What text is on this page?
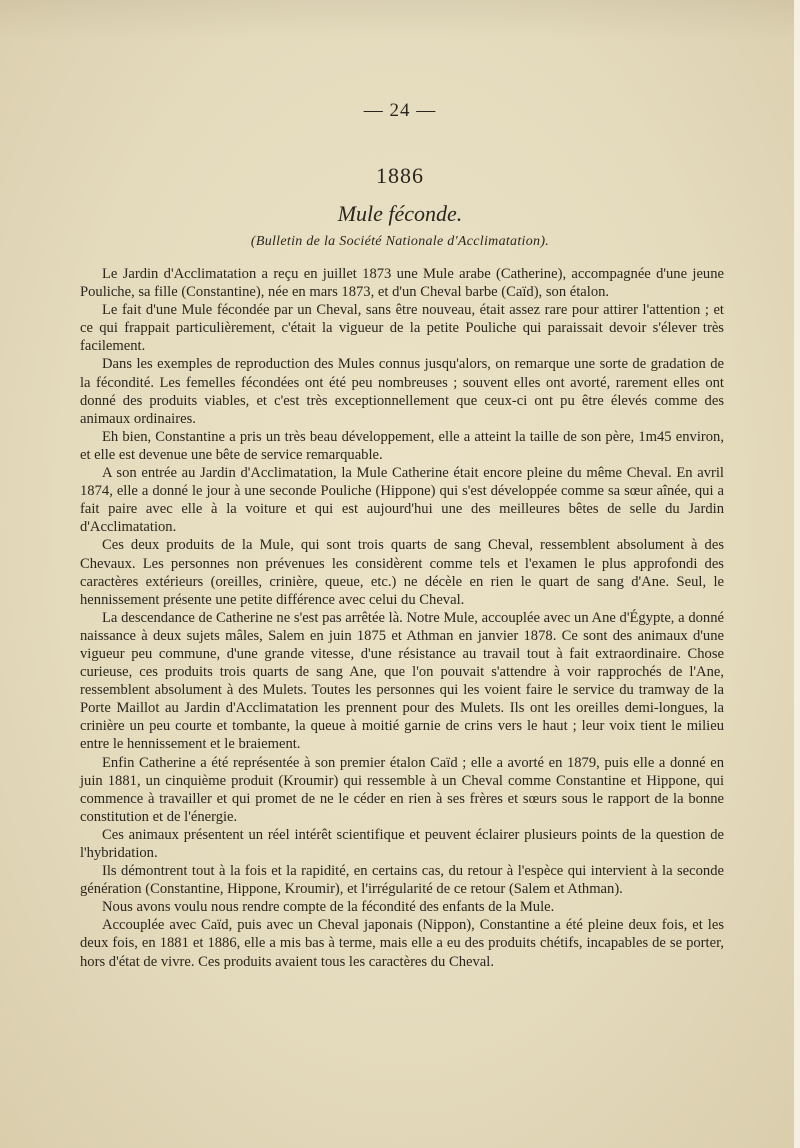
— 24 —
1886
Mule féconde.
(Bulletin de la Société Nationale d'Acclimatation).

Le Jardin d'Acclimatation a reçu en juillet 1873 une Mule arabe (Catherine), accompagnée d'une jeune Pouliche, sa fille (Constantine), née en mars 1873, et d'un Cheval barbe (Caïd), son étalon.

Le fait d'une Mule fécondée par un Cheval, sans être nouveau, était assez rare pour attirer l'attention ; et ce qui frappait particulièrement, c'était la vigueur de la petite Pouliche qui paraissait devoir s'élever très facilement.

Dans les exemples de reproduction des Mules connus jusqu'alors, on remarque une sorte de gradation de la fécondité. Les femelles fécondées ont été peu nombreuses ; souvent elles ont avorté, rarement elles ont donné des produits viables, et c'est très exceptionnellement que ceux-ci ont pu être élevés comme des animaux ordinaires.

Eh bien, Constantine a pris un très beau développement, elle a atteint la taille de son père, 1m45 environ, et elle est devenue une bête de service remarquable.

A son entrée au Jardin d'Acclimatation, la Mule Catherine était encore pleine du même Cheval. En avril 1874, elle a donné le jour à une seconde Pouliche (Hippone) qui s'est développée comme sa sœur aînée, qui a fait paire avec elle à la voiture et qui est aujourd'hui une des meilleures bêtes de selle du Jardin d'Acclimatation.

Ces deux produits de la Mule, qui sont trois quarts de sang Cheval, ressemblent absolument à des Chevaux. Les personnes non prévenues les considèrent comme tels et l'examen le plus approfondi des caractères extérieurs (oreilles, crinière, queue, etc.) ne décèle en rien le quart de sang d'Ane. Seul, le hennissement présente une petite différence avec celui du Cheval.

La descendance de Catherine ne s'est pas arrêtée là. Notre Mule, accouplée avec un Ane d'Égypte, a donné naissance à deux sujets mâles, Salem en juin 1875 et Athman en janvier 1878. Ce sont des animaux d'une vigueur peu commune, d'une grande vitesse, d'une résistance au travail tout à fait extraordinaire. Chose curieuse, ces produits trois quarts de sang Ane, que l'on pouvait s'attendre à voir rapprochés de l'Ane, ressemblent absolument à des Mulets. Toutes les personnes qui les voient faire le service du tramway de la Porte Maillot au Jardin d'Acclimatation les prennent pour des Mulets. Ils ont les oreilles demi-longues, la crinière un peu courte et tombante, la queue à moitié garnie de crins vers le haut ; leur voix tient le milieu entre le hennissement et le braiement.

Enfin Catherine a été représentée à son premier étalon Caïd ; elle a avorté en 1879, puis elle a donné en juin 1881, un cinquième produit (Kroumir) qui ressemble à un Cheval comme Constantine et Hippone, qui commence à travailler et qui promet de ne le céder en rien à ses frères et sœurs sous le rapport de la bonne constitution et de l'énergie.

Ces animaux présentent un réel intérêt scientifique et peuvent éclairer plusieurs points de la question de l'hybridation.

Ils démontrent tout à la fois et la rapidité, en certains cas, du retour à l'espèce qui intervient à la seconde génération (Constantine, Hippone, Kroumir), et l'irrégularité de ce retour (Salem et Athman).

Nous avons voulu nous rendre compte de la fécondité des enfants de la Mule.

Accouplée avec Caïd, puis avec un Cheval japonais (Nippon), Constantine a été pleine deux fois, et les deux fois, en 1881 et 1886, elle a mis bas à terme, mais elle a eu des produits chétifs, incapables de se porter, hors d'état de vivre. Ces produits avaient tous les caractères du Cheval.
